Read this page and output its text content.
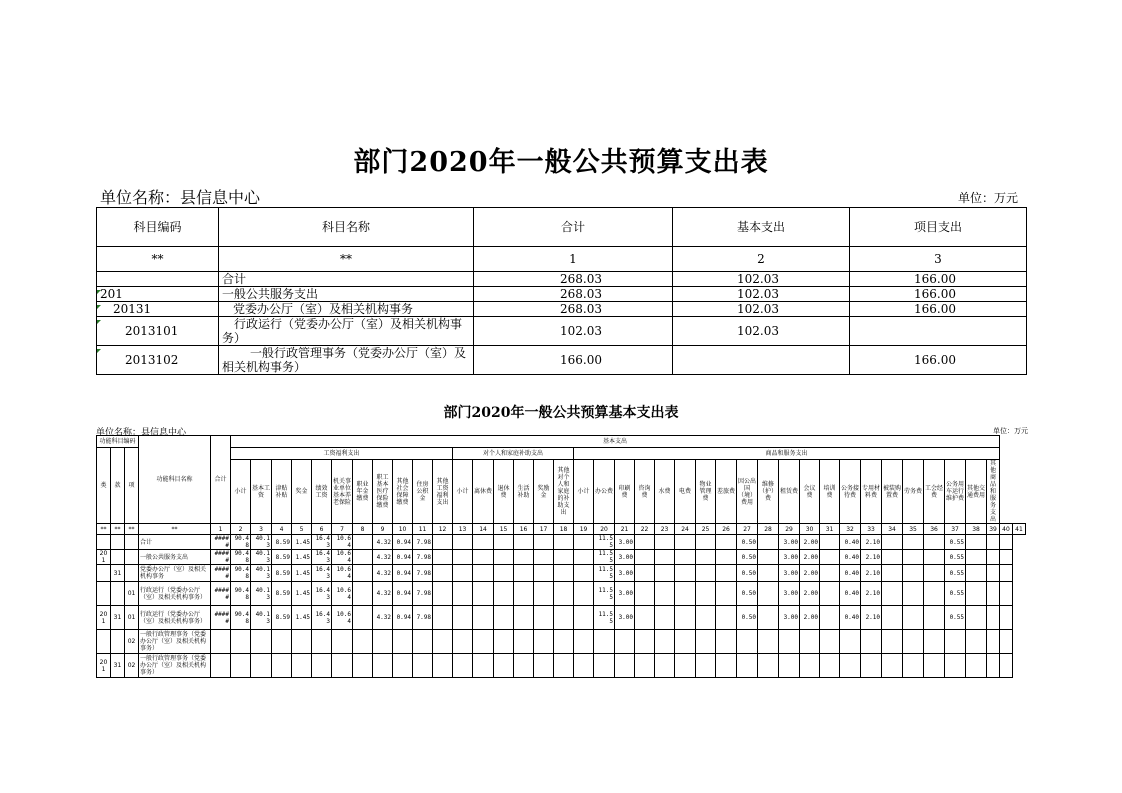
部门2020年一般公共预算支出表
单位名称：县信息中心	单位：万元
科目编码	科目名称	合计	基本支出	项目支出
**	**	1	2	3
	合计	268.03	102.03	166.00
201	一般公共服务支出	268.03	102.03	166.00
20131	党委办公厅（室）及相关机构事务	268.03	102.03	166.00
2013101	行政运行（党委办公厅（室）及相关机构事务）	102.03	102.03	
2013102	一般行政管理事务（党委办公厅（室）及相关机构事务）	166.00		166.00
部门2020年一般公共预算基本支出表
单位名称：县信息中心	单位：万元
功能科目编码			功能科目名称	合计	基本支出																																							
类	款	项			工资福利支出											对个人和家庭补助支出						商品和服务支出																						
					小计	基本工资	津贴补贴	奖金	绩效工资	机关事业单位基本养老保险	职业年金缴费	职工基本医疗保险缴费	其他社会保障缴费	住房公积金	其他工资福利支出	小计	离休费	退休费	生活补助	奖励金	其他对个人和家庭的补助支出	小计	办公费	印刷费	咨询费	水费	电费	物业管理费	差旅费	因公出国（境）费用	维修（护）费	租赁费	会议费	培训费	公务接待费	专用材料费	被装购置费	劳务费	工会经费	公务用车运行维护费	其他交通费用	其他商品和服务支出		
**	**	**	**	1	2	3	4	5	6	7	8	9	10	11	12	13	14	15	16	17	18	19	20	21	22	23	24	25	26	27	28	29	30	31	32	33	34	35	36	37	38	39	40	41
			合计	#####	90.48	40.13	8.59	1.45	16.43	10.64		4.32	0.94	7.98									11.55	3.00						0.50		3.00	2.00		0.40	2.10				0.55				
201			一般公共服务支出	#####	90.48	40.13	8.59	1.45	16.43	10.64		4.32	0.94	7.98									11.55	3.00						0.50		3.00	2.00		0.40	2.10				0.55				
	31		党委办公厅（室）及相关机构事务	#####	90.48	40.13	8.59	1.45	16.43	10.64		4.32	0.94	7.98									11.55	3.00						0.50		3.00	2.00		0.40	2.10				0.55				
		01	行政运行（党委办公厅（室）及相关机构事务）	#####	90.48	40.13	8.59	1.45	16.43	10.64		4.32	0.94	7.98									11.55	3.00						0.50		3.00	2.00		0.40	2.10				0.55				
201	31	01	行政运行（党委办公厅（室）及相关机构事务）	#####	90.48	40.13	8.59	1.45	16.43	10.64		4.32	0.94	7.98									11.55	3.00						0.50		3.00	2.00		0.40	2.10				0.55				
		02	一般行政管理事务（党委办公厅（室）及相关机构事务）																																									
201	31	02	一般行政管理事务（党委办公厅（室）及相关机构事务）																																									
